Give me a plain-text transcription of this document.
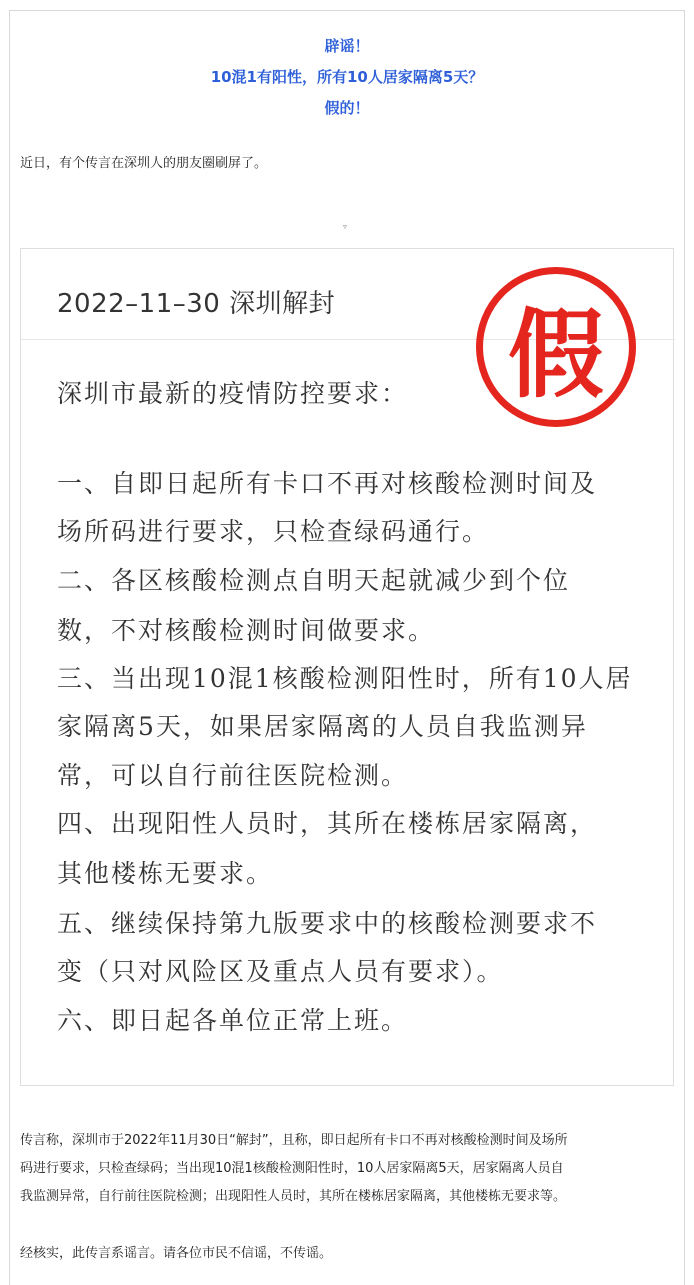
辟谣！
10混1有阳性，所有10人居家隔离5天？
假的！
近日，有个传言在深圳人的朋友圈刷屏了。
▿
2022–11–30 深圳解封	假
深圳市最新的疫情防控要求：
一、自即日起所有卡口不再对核酸检测时间及
场所码进行要求，只检查绿码通行。
二、各区核酸检测点自明天起就减少到个位
数，不对核酸检测时间做要求。
三、当出现10混1核酸检测阳性时，所有10人居
家隔离5天，如果居家隔离的人员自我监测异
常，可以自行前往医院检测。
四、出现阳性人员时，其所在楼栋居家隔离，
其他楼栋无要求。
五、继续保持第九版要求中的核酸检测要求不
变（只对风险区及重点人员有要求）。
六、即日起各单位正常上班。
传言称，深圳市于2022年11月30日“解封”，且称，即日起所有卡口不再对核酸检测时间及场所
码进行要求，只检查绿码；当出现10混1核酸检测阳性时，10人居家隔离5天，居家隔离人员自
我监测异常，自行前往医院检测；出现阳性人员时，其所在楼栋居家隔离，其他楼栋无要求等。
经核实，此传言系谣言。请各位市民不信谣，不传谣。
